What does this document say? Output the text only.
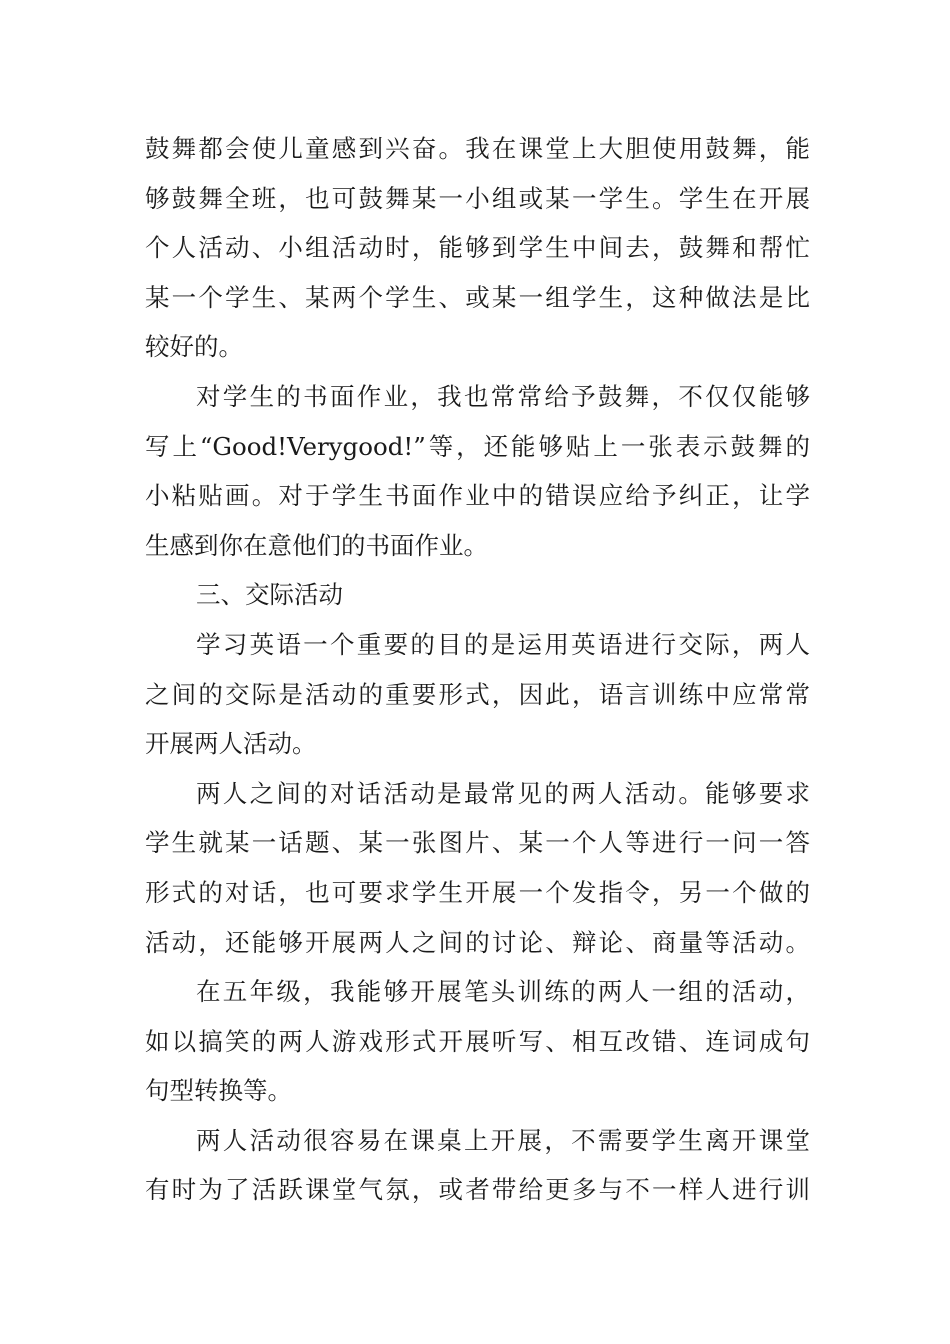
鼓舞都会使儿童感到兴奋。我在课堂上大胆使用鼓舞，能
够鼓舞全班，也可鼓舞某一小组或某一学生。学生在开展
个人活动、小组活动时，能够到学生中间去，鼓舞和帮忙
某一个学生、某两个学生、或某一组学生，这种做法是比
较好的。
对学生的书面作业，我也常常给予鼓舞，不仅仅能够
写上“Good!Verygood!”等，还能够贴上一张表示鼓舞的
小粘贴画。对于学生书面作业中的错误应给予纠正，让学
生感到你在意他们的书面作业。
三、交际活动
学习英语一个重要的目的是运用英语进行交际，两人
之间的交际是活动的重要形式，因此，语言训练中应常常
开展两人活动。
两人之间的对话活动是最常见的两人活动。能够要求
学生就某一话题、某一张图片、某一个人等进行一问一答
形式的对话，也可要求学生开展一个发指令，另一个做的
活动，还能够开展两人之间的讨论、辩论、商量等活动。
在五年级，我能够开展笔头训练的两人一组的活动，
如以搞笑的两人游戏形式开展听写、相互改错、连词成句
句型转换等。
两人活动很容易在课桌上开展，不需要学生离开课堂
有时为了活跃课堂气氛，或者带给更多与不一样人进行训
